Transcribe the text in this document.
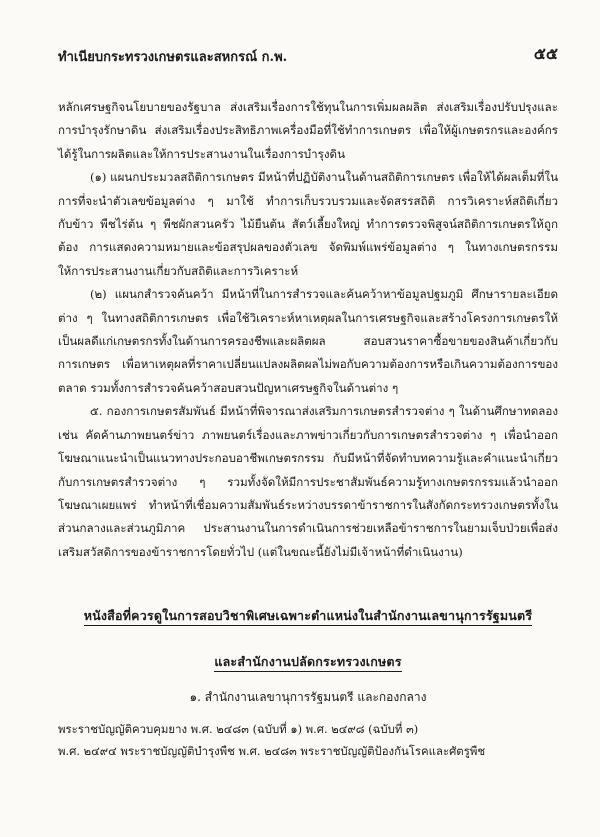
ทำเนียบกระทรวงเกษตรและสหกรณ์ ก.พ.	๕๕

หลักเศรษฐกิจนโยบายของรัฐบาล ส่งเสริมเรื่องการใช้ทุนในการเพิ่มผลผลิต ส่งเสริมเรื่องปรับปรุงและการบำรุงรักษาดิน ส่งเสริมเรื่องประสิทธิภาพเครื่องมือที่ใช้ทำการเกษตร เพื่อให้ผู้เกษตรกรและองค์กรได้รู้ในการผลิตและให้การประสานงานในเรื่องการบำรุงดิน

(๑) แผนกประมวลสถิติการเกษตร มีหน้าที่ปฏิบัติงานในด้านสถิติการเกษตร เพื่อให้ได้ผลเต็มที่ในการที่จะนำตัวเลขข้อมูลต่าง ๆ มาใช้ ทำการเก็บรวบรวมและจัดสรรสถิติ การวิเคราะห์สถิติเกี่ยวกับข้าว พืชไร่ต้น ๆ พืชผักสวนครัว ไม้ยืนต้น สัตว์เลี้ยงใหญ่ ทำการตรวจพิสูจน์สถิติการเกษตรให้ถูกต้อง การแสดงความหมายและข้อสรุปผลของตัวเลข จัดพิมพ์แพร่ข้อมูลต่าง ๆ ในทางเกษตรกรรม ให้การประสานงานเกี่ยวกับสถิติและการวิเคราะห์

(๒) แผนกสำรวจค้นคว้า มีหน้าที่ในการสำรวจและค้นคว้าหาข้อมูลปฐมภูมิ ศึกษารายละเอียดต่าง ๆ ในทางสถิติการเกษตร เพื่อใช้วิเคราะห์หาเหตุผลในการเศรษฐกิจและสร้างโครงการเกษตรให้เป็นผลดีแก่เกษตรกรทั้งในด้านการครองชีพและผลิตผล สอบสวนราคาซื้อขายของสินค้าเกี่ยวกับการเกษตร เพื่อหาเหตุผลที่ราคาเปลี่ยนแปลงผลิตผลไม่พอกับความต้องการหรือเกินความต้องการของตลาด รวมทั้งการสำรวจค้นคว้าสอบสวนปัญหาเศรษฐกิจในด้านต่าง ๆ

๕. กองการเกษตรสัมพันธ์ มีหน้าที่พิจารณาส่งเสริมการเกษตรสำรวจต่าง ๆ ในด้านศึกษาทดลอง เช่น คัดค้านภาพยนตร์ข่าว ภาพยนตร์เรื่องและภาพข่าวเกี่ยวกับการเกษตรสำรวจต่าง ๆ เพื่อนำออกโฆษณาแนะนำเป็นแนวทางประกอบอาชีพเกษตรกรรม กับมีหน้าที่จัดทำบทความรู้และคำแนะนำเกี่ยวกับการเกษตรสำรวจต่าง ๆ รวมทั้งจัดให้มีการประชาสัมพันธ์ความรู้ทางเกษตรกรรมแล้วนำออกโฆษณาเผยแพร่ ทำหน้าที่เชื่อมความสัมพันธ์ระหว่างบรรดาข้าราชการในสังกัดกระทรวงเกษตรทั้งในส่วนกลางและส่วนภูมิภาค ประสานงานในการดำเนินการช่วยเหลือข้าราชการในยามเจ็บป่วยเพื่อส่งเสริมสวัสดิการของข้าราชการโดยทั่วไป (แต่ในขณะนี้ยังไม่มีเจ้าหน้าที่ดำเนินงาน)

หนังสือที่ควรดูในการสอบวิชาพิเศษเฉพาะตำแหน่งในสำนักงานเลขานุการรัฐมนตรี
และสำนักงานปลัดกระทรวงเกษตร
๑. สำนักงานเลขานุการรัฐมนตรี และกองกลาง

พระราชบัญญัติควบคุมยาง พ.ศ. ๒๔๘๓ (ฉบับที่ ๑) พ.ศ. ๒๔๙๘ (ฉบับที่ ๓)

พ.ศ. ๒๔๙๔ พระราชบัญญัติบำรุงพืช พ.ศ. ๒๔๘๓ พระราชบัญญัติป้องกันโรคและศัตรูพืช
